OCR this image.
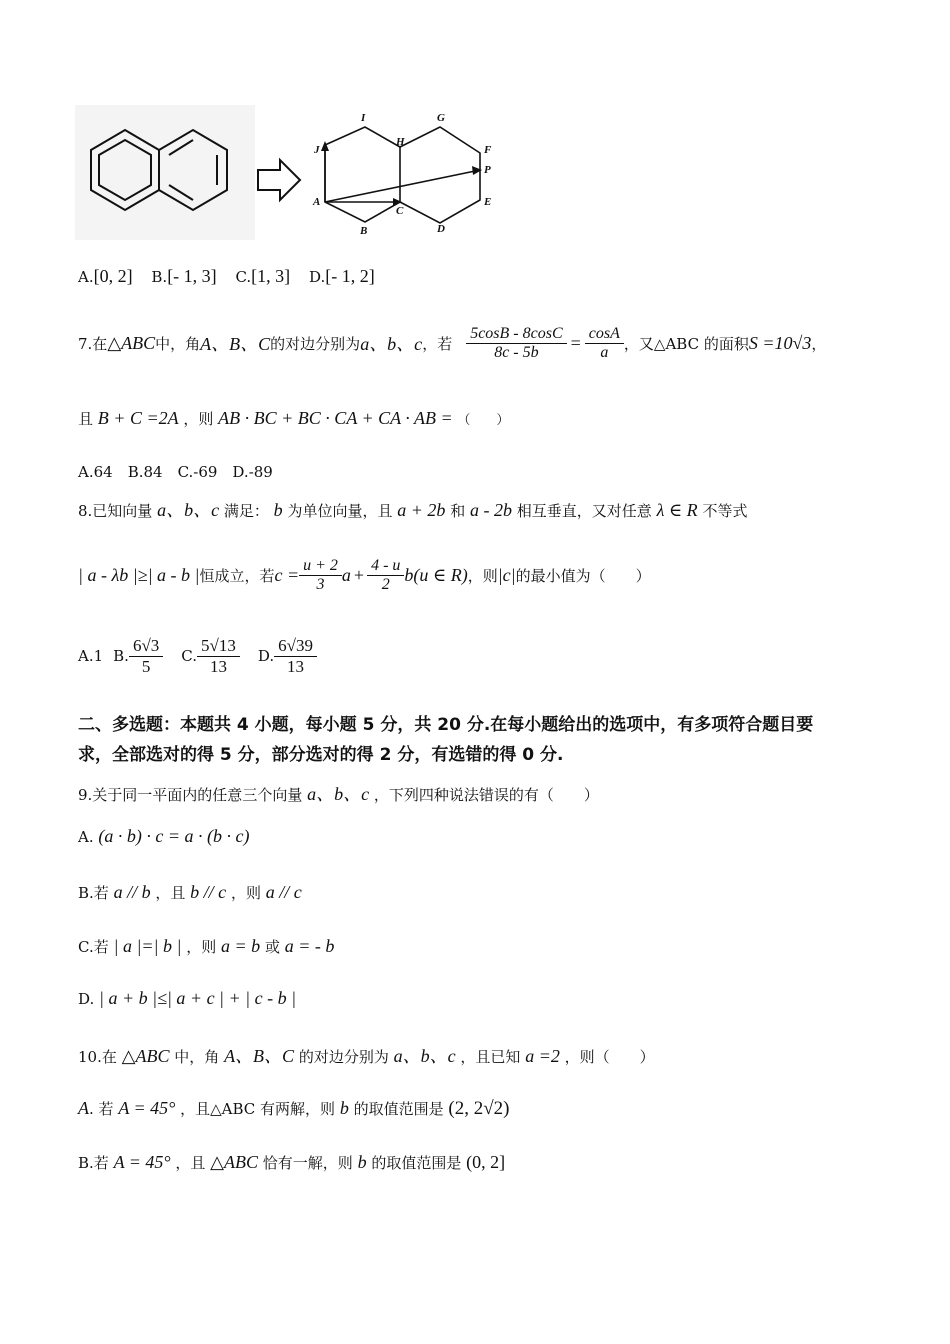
I	G
J
H
F
P
A
C
E
B	D
A.[0, 2] B.[- 1, 3] C.[1, 3] D.[- 1, 2]
7.在 △ABC 中，角 A、B、C 的对边分别为 a、b、c ，若 $\frac{5\cos B - 8\cos C}{8c - 5b} = \frac{\cos A}{a}$ ，又△ABC 的面积 S =10√3 ，
且 B + C =2A ，则 AB · BC + BC · CA + CA · AB = （　　）
A.64　B.84　C.-69　D.-89
8.已知向量 a、b、c 满足： b 为单位向量，且 a + 2b 和 a - 2b 相互垂直，又对任意 λ ∈ R 不等式
| a - λb |≥| a - b | 恒成立，若 $c = \frac{u + 2}{3}$ $a + \frac{4 - u}{2}$ b (u ∈ R) ，则 |c| 的最小值为（　　）
A.1 B. $\frac{6√3}{5} C$. $\frac{5√13}{13} D$. $\frac{6√39}{13}$
二、多选题：本题共 4 小题，每小题 5 分，共 20 分.在每小题给出的选项中，有多项符合题目要
求，全部选对的得 5 分，部分选对的得 2 分，有选错的得 0 分.
9.关于同一平面内的任意三个向量 a、b、c ，下列四种说法错误的有（　　）
A. (a · b) · c = a · (b · c)
B.若 a // b ，且 b // c ，则 a // c
C.若 | a |=| b | ，则 a = b 或 a = - b
D. | a + b |≤| a + c | + | c - b |
10.在 △ABC 中，角 A、B、C 的对边分别为 a、b、c ，且已知 a =2 ，则（　　）
A. 若 A = 45° ，且△ABC 有两解，则 b 的取值范围是 (2, 2√2)
B.若 A = 45° ，且 △ABC 恰有一解，则 b 的取值范围是 (0, 2]
